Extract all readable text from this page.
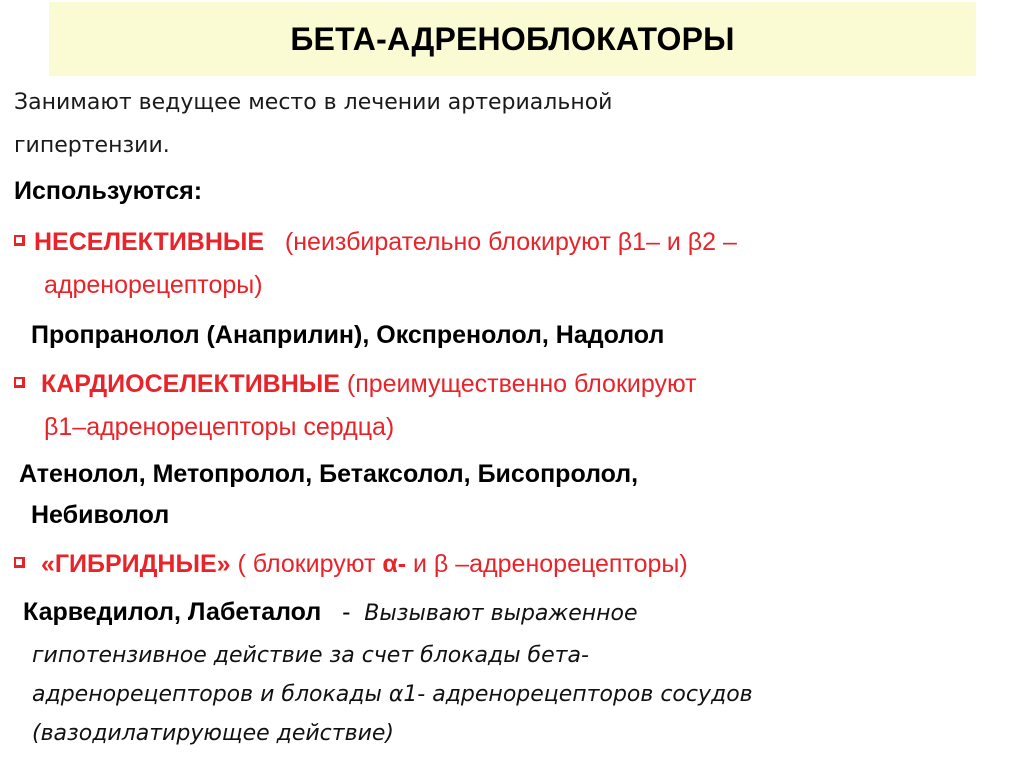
БЕТА-АДРЕНОБЛОКАТОРЫ
Занимают ведущее место в лечении артериальной
гипертензии.
Используются:
НЕСЕЛЕКТИВНЫЕ (неизбирательно блокируют β1– и β2 –
адренорецепторы)
Пропранолол (Анаприлин), Окспренолол, Надолол
КАРДИОСЕЛЕКТИВНЫЕ (преимущественно блокируют
β1–адренорецепторы сердца)
Атенолол, Метопролол, Бетаксолол, Бисопролол,
Небиволол
«ГИБРИДНЫЕ» ( блокируют α- и β –адренорецепторы)
Карведилол, Лабеталол - Вызывают выраженное
гипотензивное действие за счет блокады бета-
адренорецепторов и блокады α1- адренорецепторов сосудов
(вазодилатирующее действие)
